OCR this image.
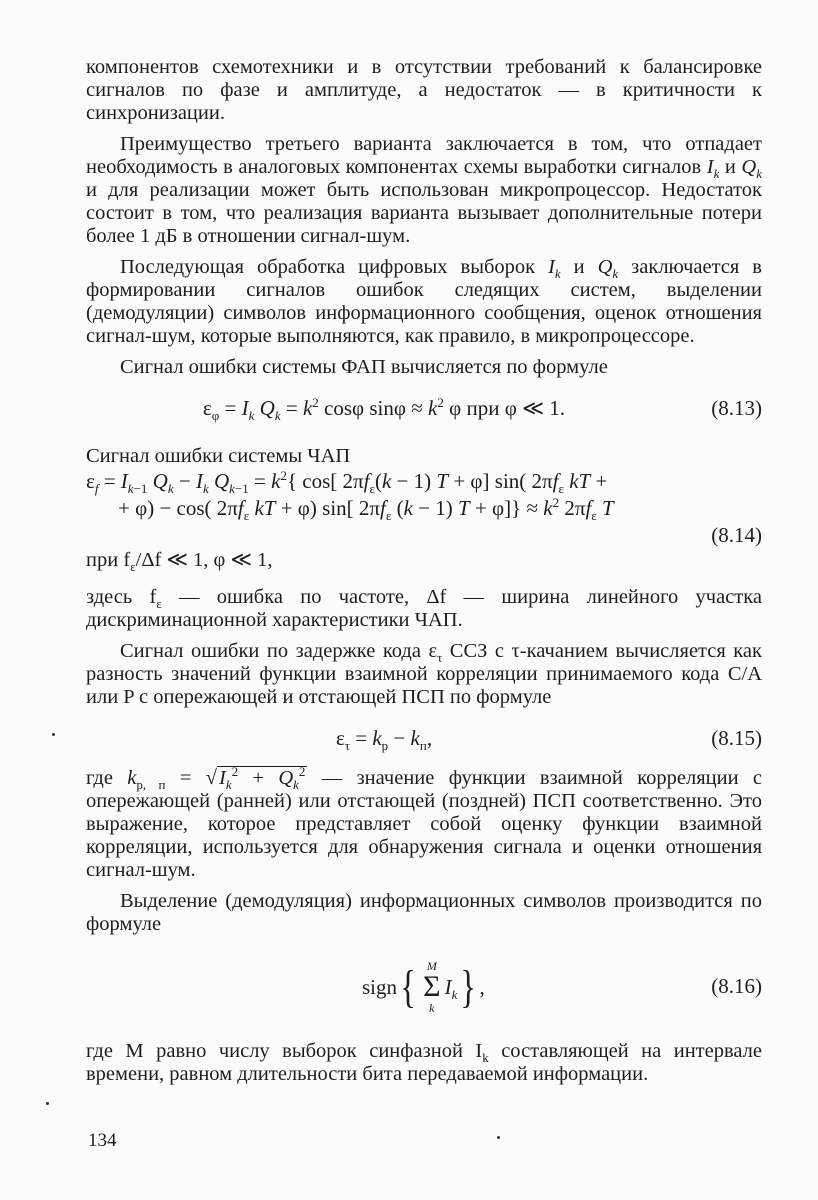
компонентов схемотехники и в отсутствии требований к балансировке сигналов по фазе и амплитуде, а недостаток — в критичности к синхронизации.

Преимущество третьего варианта заключается в том, что отпадает необходимость в аналоговых компонентах схемы выработки сигналов $I_k$ и $Q_k$ и для реализации может быть использован микропроцессор. Недостаток состоит в том, что реализация варианта вызывает дополнительные потери более 1 дБ в отношении сигнал-шум.

Последующая обработка цифровых выборок $I_k$ и $Q_k$ заключается в формировании сигналов ошибок следящих систем, выделении (демодуляции) символов информационного сообщения, оценок отношения сигнал-шум, которые выполняются, как правило, в микропроцессоре.

Сигнал ошибки системы ФАП вычисляется по формуле

$\varepsilon_\varphi = I_k$ $Q_k = k^2$ cosφ $\sin\varphi \approx k^2$ φ при φ ≪ 1.	(8.13)

Сигнал ошибки системы ЧАП

$\varepsilon_f = I_{k-1}$ $Q_k - I_k$ $Q_{k-1} = k^2${ cos[ $2\pi f_\varepsilon(k - 1) T + \varphi$] sin( $2\pi f_\varepsilon$ kT +
+ φ) − cos( $2\pi f_\varepsilon$ kT + φ) sin[ $2\pi f_\varepsilon$ (k − 1) $T + \varphi]\} \approx k^2$ $2\pi f_\varepsilon$ T
(8.14)

при $f_\varepsilon/\Delta f$ ≪ 1, φ ≪ 1,

здесь $f_\varepsilon$ — ошибка по частоте, Δf — ширина линейного участка дискриминационной характеристики ЧАП.

Сигнал ошибки по задержке кода $\varepsilon_\tau$ ССЗ с τ-качанием вычисляется как разность значений функции взаимной корреляции принимаемого кода C/A или P с опережающей и отстающей ПСП по формуле

$\varepsilon_\tau = k_р - k_п$,	(8.15)

где $k_{р, п} = √I_k^2 + Q_k^2$ — значение функции взаимной корреляции с опережающей (ранней) или отстающей (поздней) ПСП соответственно. Это выражение, которое представляет собой оценку функции взаимной корреляции, используется для обнаружения сигнала и оценки отношения сигнал-шум.

Выделение (демодуляция) информационных символов производится по формуле

sign { M
Σ
k
$I_k$ } ,	(8.16)

где M равно числу выборок синфазной $I_k$ составляющей на интервале времени, равном длительности бита передаваемой информации.

134
